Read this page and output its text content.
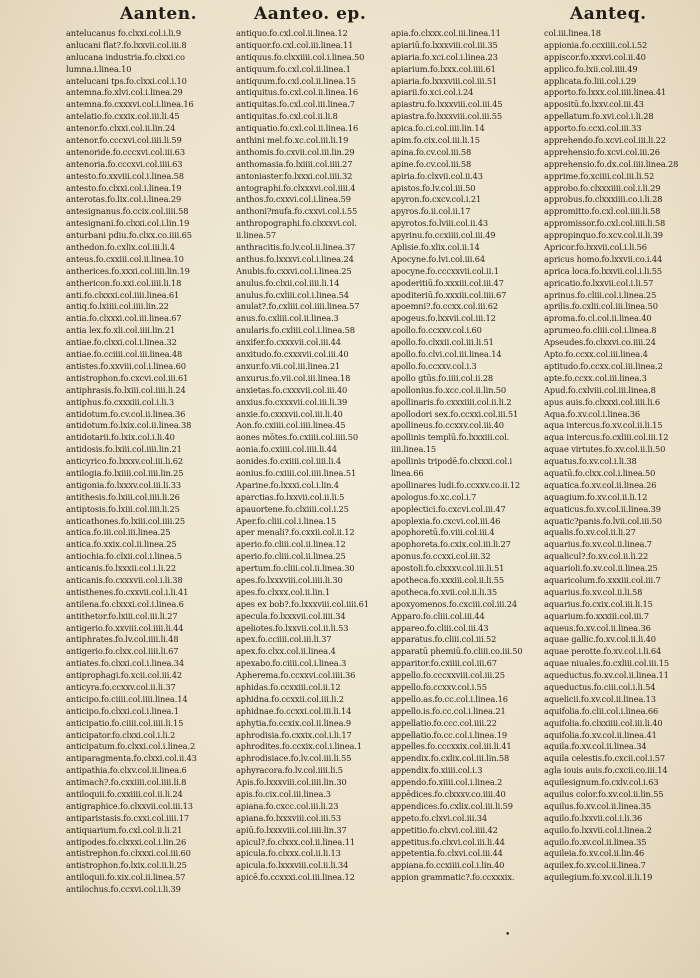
Aanten.	Aanteo. ep.	Aanteq.
antelucanus fo.clxxi.col.i.li.9
anlucani flat?.fo.lxxvii.col.iii.8
anlucana industria.fo.clxxi.co
lumna.i.linea.10
antelucani tps.fo.clxxi.col.i.10
antemna.fo.xlvi.col.i.linea.29
antemna.fo.cxxxvi.col.i.linea.16
antelatio.fo.cxxix.col.iii.li.45
antenor.fo.clxxi.col.ii.lin.24
antenor.fo.cccxvi.col.iiii.li.59
antenoride.fo.cccxvi.col.iii.63
antenoria.fo.cccxvi.col.iiii.63
antesto.fo.xxviii.col.i.linea.58
antesto.fo.clxxi.col.i.linea.19
anterotas.fo.lix.col.i.linea.29
antesignanus.fo.ccix.col.iiii.58
antesignani.fo.clxxi.col.i.lin.19
anturbani pdiu.fo.clxx.co.iiii.65
anthedon.fo.cxlix.col.iii.li.4
anteus.fo.cxxiii.col.ii.linea.10
antherices.fo.xxxi.col.iiii.lin.19
anthericon.fo.xxi.col.iiii.li.18
anti.fo.clxxxi.col.iiii.linea.61
antiq.fo.lxiiii.col.iiii.lin.22
antia.fo.clxxxi.col.iii.linea.67
antia lex.fo.xli.col.iiii.lin.21
antiae.fo.clxxi.col.i.linea.32
antiae.fo.cciiii.col.iii.linea.48
antistes.fo.xxviii.col.i.linea.60
antistrophon.fo.cxcvi.col.iii.61
antiphrasis.fo.lxiii.col.iiii.li.24
antiphus.fo.cxxxiii.col.i.li.3
antidotum.fo.cv.col.ii.linea.36
antidotum.fo.lxix.col.ii.linea.38
antidotarii.fo.lxix.col.i.li.40
antidosis.fo.lxiii.col.iiii.lin.21
anticyrico.fo.lxxxv.col.iii.li.62
antilogia.fo.lxiiii.col.iiii.lin.25
antigonia.fo.lxxxv.col.iii.li.33
antithesis.fo.lxiii.col.iiii.li.26
antiptosis.fo.lxiii.col.iiii.li.25
anticathones.fo.lxiii.col.iiii.25
antica.fo.iii.col.iii.linea.25
antica.fo.xxix.col.ii.linea.25
antiochia.fo.clxii.col.i.linea.5
anticanis.fo.lxxxii.col.i.li.22
anticanis.fo.cxxxvii.col.i.li.38
antisthenes.fo.cxxvii.col.i.li.41
antilena.fo.clxxxi.col.i.linea.6
antithetor.fo.lxiii.col.iii.li.27
antigerio.fo.xxviii.col.iiii.li.44
antiphrates.fo.lv.col.iiii.li.48
antigerio.fo.clxx.col.iiii.li.67
antiates.fo.clxxi.col.i.linea.34
antiprophagi.fo.xcii.col.iii.42
anticyra.fo.ccxxv.col.ii.li.37
anticipo.fo.ciiii.col.iiii.linea.14
anticipo.fo.clxxi.col.i.linea.1
anticipatio.fo.ciiii.col.iiii.li.15
anticipator.fo.clxxi.col.i.li.2
anticipatum.fo.clxxi.col.i.linea.2
antiparagmenta.fo.clxxi.col.ii.43
antipathia.fo.clxv.col.ii.linea.6
antimach?.fo.cxxiiii.col.iiii.li.8
antiloquii.fo.cxxiiii.col.ii.li.24
antigraphice.fo.clxxvii.col.iii.13
antiparistasis.fo.cxxi.col.iiii.17
antiquarium.fo.cxl.col.ii.li.21
antipodes.fo.clxxxi.col.i.lin.26
antistrephon.fo.clxxxi.col.iii.60
antistrophon.fo.lxix.col.ii.li.25
antiloquii.fo.xix.col.ii.linea.57
antilochus.fo.ccxvi.col.i.li.39
antiquo.fo.cxl.col.ii.linea.12
antiquor.fo.cxl.col.iii.linea.11
antiquus.fo.clxxiiii.col.i.linea.50
antiquum.fo.cxl.col.ii.linea.1
antiquum.fo.cxl.col.ii.linea.15
antiquitus.fo.cxl.col.ii.linea.16
antiquitas.fo.cxl.col.iii.linea.7
antiquitas.fo.cxl.col.ii.li.8
antiquatio.fo.cxl.col.ii.linea.16
anthini mel.fo.xc.col.iii.li.19
anthomis.fo.cxvii.col.iii.lin.29
anthomasia.fo.lxiiii.col.iiii.27
antoniaster.fo.lxxxi.col.iiii.32
antographi.fo.clxxxvi.col.iiii.4
anthos.fo.cxxvi.col.i.linea.59
anthoni?mufa.fo.cxxvi.col.i.55
anthropographi.fo.clxxxvi.col.
ii.linea.57
anthracitis.fo.lv.col.ii.linea.37
anthus.fo.lxxxvi.col.i.linea.24
Anubis.fo.cxxvi.col.i.linea.25
anulus.fo.clxii.col.iiii.li.14
anulus.fo.cxliii.col.i.linea.54
anulat?.fo.cxliii.col.iiii.linea.57
anus.fo.cxliii.col.ii.linea.3
anularis.fo.cxliii.col.i.linea.58
anxifer.fo.cxxxvii.col.iii.44
anxitudo.fo.cxxxvii.col.iii.40
anxur.fo.vii.col.iii.linea.21
anxurus.fo.vii.col.iii.linea.18
anxietas.fo.cxxxvii.col.iii.40
anxius.fo.cxxxvii.col.iii.li.39
anxie.fo.cxxxvii.col.iii.li.40
Aon.fo.cxiiii.col.iiii.linea.45
aones mōtes.fo.cxiiii.col.iiii.50
aonia.fo.cxiiii.col.iiii.li.44
aonides.fo.cxiiii.col.iiii.li.4
aonius.fo.cxiiii.col.iiii.linea.51
Aparine.fo.lxxxi.col.i.lin.4
aparctias.fo.lxxvii.col.ii.li.5
apauortene.fo.clxiiii.col.i.25
Aper.fo.cliii.col.i.linea.15
aper menali?.fo.cxxii.col.ii.12
aperio.fo.cliii.col.ii.linea.12
aperio.fo.cliii.col.ii.linea.25
apertum.fo.cliii.col.ii.linea.30
apes.fo.lxxxviii.col.iiii.li.30
apes.fo.clxxx.col.ii.lin.1
apes ex bob?.fo.lxxxviii.col.iiii.61
apecula.fo.lxxxvii.col.iiii.34
apeliotes.fo.lxxvii.col.ii.li.53
apex.fo.cciiii.col.iii.li.37
apex.fo.clxx.col.ii.linea.4
apexabo.fo.ciiii.col.i.linea.3
Apherema.fo.ccxxvi.col.iiii.36
aphidas.fo.ccxxiii.col.ii.12
aphidna.fo.ccxxii.col.iii.li.2
aphidnae.fo.ccxxi.col.iii.li.14
aphytia.fo.ccxix.col.ii.linea.9
aphrodisia.fo.cxxix.col.i.li.17
aphrodites.fo.ccxix.col.i.linea.1
aphrodisiace.fo.lv.col.iii.li.55
aphyracora.fo.lv.col.iiii.li.5
Apis.fo.lxxxviii.col.iiii.lin.30
apis.fo.cix.col.iii.linea.3
apiana.fo.cxcc.col.iii.li.23
apiana.fo.lxxxviii.col.iii.53
apiū.fo.lxxxviii.col.iiii.lin.37
apicul?.fo.clxxx.col.ii.linea.11
apicula.fo.clxxx.col.ii.li.13
apicula.fo.lxxxviii.col.ii.li.34
apicē.fo.ccxxxi.col.iii.linea.12
apia.fo.clxxx.col.iii.linea.11
apiariū.fo.lxxxviii.col.iii.35
apiaria.fo.xci.col.i.linea.23
apiarium.fo.lxxx.col.iiii.61
apiaria.fo.lxxxviii.col.iii.51
apiarii.fo.xci.col.i.24
apiastru.fo.lxxxviii.col.iii.45
apiastra.fo.lxxxviii.col.iii.55
apica.fo.ci.col.iiii.lin.14
apim.fo.cix.col.iii.li.15
apina.fo.cv.col.iii.58
apine.fo.cv.col.iii.58
apiria.fo.clxvii.col.ii.43
apistos.fo.lv.col.iii.50
apyron.fo.cxcv.col.i.21
apyros.fo.ii.col.ii.17
apyrotos.fo.lviii.col.ii.43
apyrinu.fo.ccxiiii.col.iii.49
Aplisie.fo.xlix.col.ii.14
Apocyne.fo.lvi.col.iii.64
apocyne.fo.cccxxvii.col.ii.1
apoderitiū.fo.xxxiii.col.iii.47
apoditeriū.fo.xxxiii.col.iiii.67
apoemni?.fo.ccxx.col.iii.62
apogeus.fo.lxxvii.col.iii.12
apollo.fo.ccxxv.col.i.60
apollo.fo.clxxii.col.iii.li.51
apollo.fo.clvi.col.iii.linea.14
apollo.fo.ccxxv.col.i.3
apollo gtūs.fo.iiii.col.ii.28
apollonius.fo.xcc.col.ii.lin.50
apollinaris.fo.cxxxiiii.col.ii.li.2
apollodori sex.fo.ccxxi.col.iii.51
apollineus.fo.ccxxv.col.iii.40
apollinis templū.fo.lxxxiii.col.
iiii.linea.15
apollinis tripodē.fo.clxxxi.col.i
linea.66
apollinares ludi.fo.ccxxv.co.ii.12
apologus.fo.xc.col.i.7
apoplectici.fo.cxcvi.col.iii.47
apoplexia.fo.cxcvi.col.iii.46
apophoretū.fo.viii.col.iii.4
apophoreta.fo.cxix.col.iii.li.27
aponus.fo.ccxxi.col.iii.32
apostoli.fo.clxxxv.col.iii.li.51
apotheca.fo.xxxiii.col.ii.li.55
apotheca.fo.xvii.col.ii.li.35
apoxyomenos.fo.cxciii.col.iii.24
Apparo.fo.cliii.col.iii.44
appareo.fo.cliii.col.iii.43
apparatus.fo.cliii.col.iii.52
apparatū phemiū.fo.cliii.co.iii.50
apparitor.fo.cxiiii.col.iii.67
appello.fo.cccxxviii.col.iii.25
appello.fo.ccxxv.col.i.55
appello.as.fo.cc.col.i.linea.16
appello.is.fo.cc.col.i.linea.21
appellatio.fo.ccc.col.iiii.22
appellatio.fo.cc.col.i.linea.19
appelles.fo.cccxxix.col.iii.li.41
appendix.fo.cxlix.col.iii.lin.58
appendix.fo.xiiii.col.i.3
appendo.fo.xiiii.col.i.linea.2
appēdices.fo.clxxxv.co.iiii.40
appendices.fo.cxlix.col.iii.li.59
appeto.fo.clxvi.col.iii.34
appetitio.fo.clxvi.col.iiii.42
appetitus.fo.clxvi.col.iii.li.44
appetentia.fo.clxvi.col.iii.44
appiana.fo.ccxiiii.col.i.lin.40
appion grammatic?.fo.ccxxxix.
col.iii.linea.18
appionia.fo.ccxiiii.col.i.52
appiscor.fo.xxxvi.col.ii.40
applico.fo.lxii.col.iiii.49
applicata.fo.liii.col.i.29
apporto.fo.lxxx.col.iiii.linea.41
appositū.fo.lxxv.col.iii.43
appellatum.fo.xvi.col.i.li.28
apporto.fo.ccxi.col.iii.33
apprehendo.fo.xcvi.col.iii.li.22
apprehensio.fo.xcvi.col.iii.26
apprehensio.fo.dx.col.iiii.linea.28
apprime.fo.xciiii.col.iii.li.52
approbo.fo.clxxxiiii.col.i.li.29
approbus.fo.clxxxiiii.co.i.li.28
appromitto.fo.cxl.col.iiii.li.58
appromissor.fo.cxl.col.iiii.li.58
appropinquo.fo.xcv.col.ii.li.39
Apricor.fo.lxxvii.col.i.li.56
apricus homo.fo.lxxvii.co.i.44
aprica loca.fo.lxxvii.col.i.li.55
apricatio.fo.lxxvii.col.i.li.57
aprinus.fo.cliii.col.i.linea.25
aprilis.fo.cxlii.col.iii.linea.50
aproma.fo.cl.col.ii.linea.40
aprumeo.fo.cliii.col.i.linea.8
Apseudes.fo.clxxvi.co.iiii.24
Apto.fo.ccxx.col.iii.linea.4
aptitudo.fo.ccxx.col.iii.linea.2
apte.fo.ccxx.col.iii.linea.3
Apud.fo.cxlviii.col.iii.linea.8
apus auis.fo.clxxxi.col.iiii.li.6
Aqua.fo.xv.col.i.linea.36
aqua intercus.fo.xv.col.ii.li.15
aqua intercus.fo.cxliii.col.iii.12
aquae virtutes.fo.xv.col.ii.li.50
aquatus.fo.xv.col.i.li.38
aquatū.fo.clxx.col.i.linea.50
aquatica.fo.xv.col.ii.linea.26
aquagium.fo.xv.col.ii.li.12
aquaticus.fo.xv.col.ii.linea.39
aquatic?panis.fo.lvii.col.iii.50
aqualis.fo.xv.col.ii.li.27
aquarius.fo.xv.col.ii.linea.7
aqualicul?.fo.xv.col.ii.li.22
aquarioli.fo.xv.col.ii.linea.25
aquaricolum.fo.xxxiii.col.iii.7
aquarius.fo.xv.col.ii.li.58
aquarius.fo.cxix.col.iii.li.15
aquarium.fo.xxxiii.col.iii.7
aqueus.fo.xv.col.ii.linea.36
aquae gallic.fo.xv.col.ii.li.40
aquae perotte.fo.xv.col.i.li.64
aquae niuales.fo.cxliii.col.iii.15
aqueductus.fo.xv.col.ii.linea.11
aqueductus.fo.ciii.col.i.li.54
aquelicii.fo.xv.col.ii.linea.13
aquifolia.fo.clii.col.i.linea.66
aquifolia.fo.clxxiiii.col.iii.li.40
aquifolia.fo.xv.col.ii.linea.41
aquila.fo.xv.col.ii.linea.34
aquila celestis.fo.cxcii.col.i.57
agla iouis auis.fo.cxcii.co.iii.14
aquilesignum.fo.cxlv.col.i.63
aquilus color.fo.xv.col.ii.lin.55
aquilus.fo.xv.col.ii.linea.35
aquilo.fo.lxxvii.col.i.li.36
aquilo.fo.lxxvii.col.i.linea.2
aquilo.fo.xv.col.ii.linea.35
aquileia.fo.xv.col.ii.lin.46
aquilex.fo.xv.col.ii.linea.7
aquilegium.fo.xv.col.ii.li.19
•
